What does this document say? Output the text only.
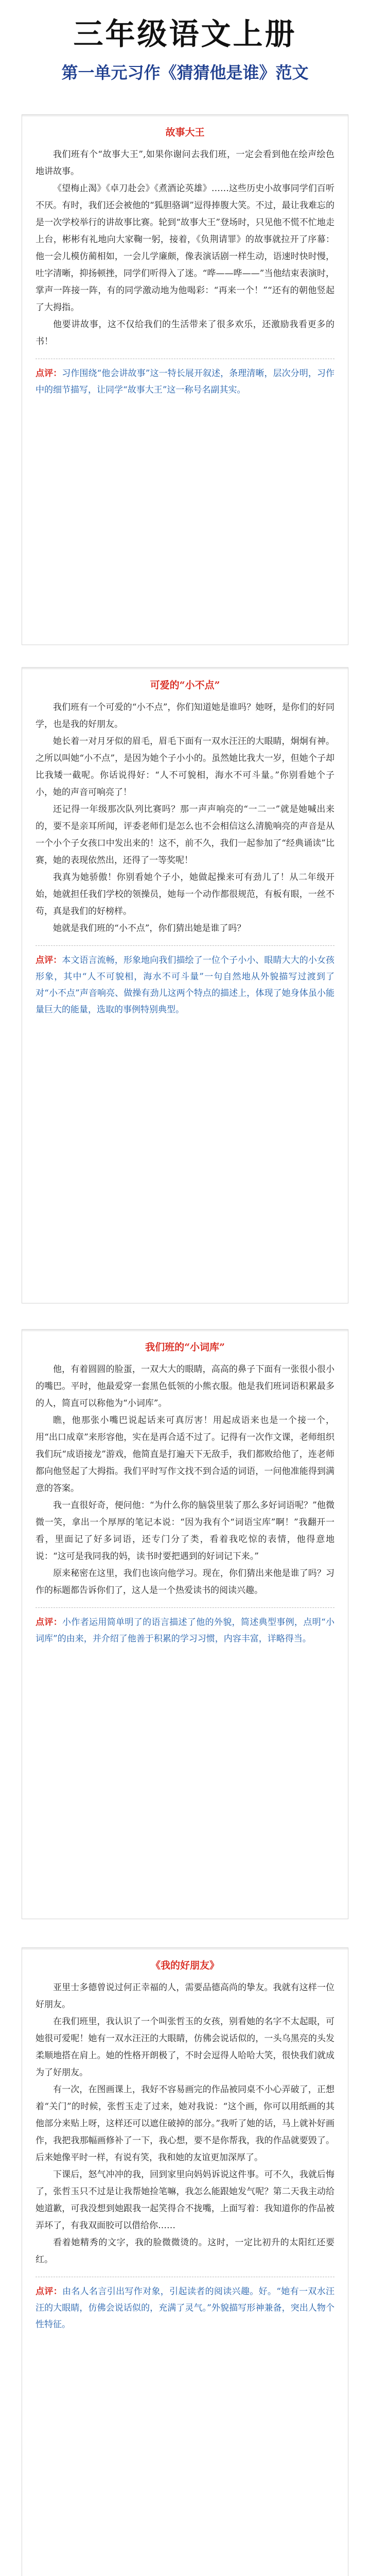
三年级语文上册
第一单元习作《猜猜他是谁》范文
故事大王

我们班有个“故事大王”,如果你谢问去我们班，一定会看到他在绘声绘色地讲故事。

《望梅止渴》《卓刀赴会》《煮酒论英雄》……这些历史小故事同学们百听不厌。有时，我们还会被他的“狐胆骆调”逗得捧腹大笑。不过，最让我难忘的是一次学校举行的讲故事比赛。轮到“故事大王”登场时，只见他不慌不忙地走上台，彬彬有礼地向大家鞠一躬，接着，《负荆请罪》的故事就拉开了序幕：他一会儿模仿蔺相如，一会儿学廉颇，像表演话剧一样生动，语速时快时慢，吐字清晰，抑扬顿挫，同学们听得入了迷。“哗——哗——”当他结束表演时，掌声一阵接一阵，有的同学激动地为他喝彩：“再来一个！”“还有的朝他竖起了大拇指。

他要讲故事，这不仅给我们的生活带来了很多欢乐，还激励我看更多的书！

点评：习作围绕“他会讲故事”这一特长展开叙述，条理清晰，层次分明，习作中的细节描写，让同学“故事大王”这一称号名副其实。

可爱的“小不点”

我们班有一个可爱的“小不点”，你们知道她是谁吗？她呀，是你们的好同学，也是我的好朋友。

她长着一对月牙似的眉毛，眉毛下面有一双水汪汪的大眼睛，炯炯有神。之所以叫她“小不点”，是因为她个子小小的。虽然她比我大一岁，但她个子却比我矮一截呢。你话说得好：“人不可貌相，海水不可斗量。”你别看她个子小，她的声音可响亮了！

还记得一年级那次队列比赛吗？那一声声响亮的“一二一”就是她喊出来的，要不是亲耳所闻，评委老师们是怎么也不会相信这么清脆响亮的声音是从一个小个子女孩口中发出来的！这不，前不久，我们一起参加了“经典诵读”比赛，她的表现依然出，还得了一等奖呢！

我真为她骄傲！你别看她个子小，她做起操来可有劲儿了！从二年级开始，她就担任我们学校的领操员，她每一个动作都很规范，有板有眼，一丝不苟，真是我们的好榜样。

她就是我们班的“小不点”，你们猜出她是谁了吗？

点评：本文语言流畅，形象地向我们描绘了一位个子小小、眼睛大大的小女孩形象，其中“人不可貌相，海水不可斗量”一句自然地从外貌描写过渡到了对“小不点”声音响亮、做操有劲儿这两个特点的描述上，体现了她身体虽小能量巨大的能量，选取的事例特别典型。

我们班的“小词库”

他，有着圆圆的脸蛋，一双大大的眼睛，高高的鼻子下面有一张很小很小的嘴巴。平时，他最爱穿一套黑色低领的小熊衣服。他是我们班词语积累最多的人，简直可以称他为“小词库”。

瞧，他那张小嘴巴说起话来可真厉害！用起成语来也是一个接一个，用“出口成章”来形容他，实在是再合适不过了。记得有一次作文课，老师组织我们玩“成语接龙”游戏，他简直是打遍天下无敌手，我们都败给他了，连老师都向他竖起了大拇指。我们平时写作文找不到合适的词语，一问他准能得到满意的答案。

我一直很好奇，便问他：“为什么你的脑袋里装了那么多好词语呢？”他微微一笑，拿出一个厚厚的笔记本说：“因为我有个“词语宝库”啊！”我翻开一看，里面记了好多词语，还专门分了类，看着我吃惊的表情，他得意地说：“这可是我同我的妈，读书时要把遇到的好词记下来。”

原来秘密在这里，我们也该向他学习。现在，你们猜出来他是谁了吗？习作的标题都告诉你们了，这人是一个热爱读书的阅读兴趣。

点评：小作者运用简单明了的语言描述了他的外貌，简述典型事例，点明“小词库”的由来，并介绍了他善于积累的学习习惯，内容丰富，详略得当。

《我的好朋友》

亚里士多德曾说过何正幸福的人，需要品德高尚的挚友。我就有这样一位好朋友。

在我们班里，我认识了一个叫张哲玉的女孩，别看她的名字不太起眼，可她很可爱呢！她有一双水汪汪的大眼睛，仿佛会说话似的，一头乌黑亮的头发柔顺地搭在肩上。她的性格开朗极了，不时会逗得人哈哈大笑，很快我们就成为了好朋友。

有一次，在图画课上，我好不容易画完的作品被同桌不小心弄破了，正想着“关门”的时候，张哲玉走了过来，她对我说：“这个画，你可以用纸画的其他部分来贴上呀，这样还可以遮住破掉的部分。”我听了她的话，马上就补好画作，我把我那幅画修补了一下，我心想，要不是你帮我，我的作品就要毁了。后来她像平时一样，有说有笑，我和她的友谊更加深厚了。

下课后，怒气冲冲的我，回到家里向妈妈诉说这件事。可不久，我就后悔了，张哲玉只不过是让我帮她捡笔嘛，我怎么能跟她发气呢？第二天我主动给她道歉，可我没想到她跟我一起笑得合不拢嘴，上面写着：我知道你的作品被弄坏了，有我双面胶可以借给你……

看着她精秀的文字，我的脸微微烫的。这时，一定比初升的太阳红还要红。

点评：由名人名言引出写作对象，引起读者的阅读兴趣。好。“她有一双水汪汪的大眼睛，仿佛会说话似的，充满了灵气。”外貌描写形神兼备，突出人物个性特征。
